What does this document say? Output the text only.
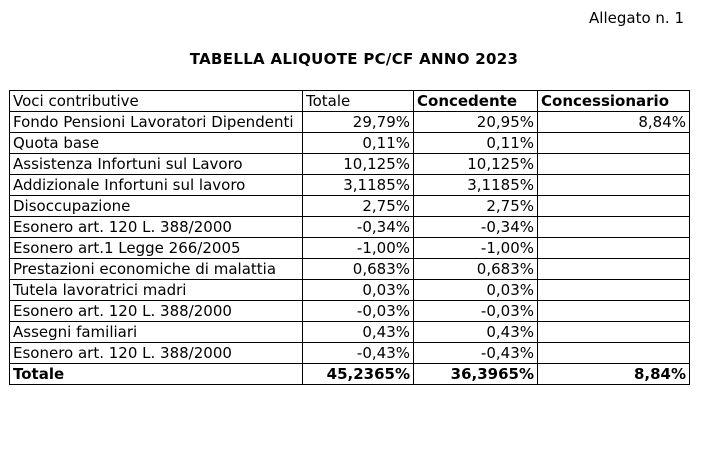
Allegato n. 1
TABELLA ALIQUOTE PC/CF ANNO 2023
Voci contributive	Totale	Concedente	Concessionario
Fondo Pensioni Lavoratori Dipendenti	29,79%	20,95%	8,84%
Quota base	0,11%	0,11%	
Assistenza Infortuni sul Lavoro	10,125%	10,125%	
Addizionale Infortuni sul lavoro	3,1185%	3,1185%	
Disoccupazione	2,75%	2,75%	
Esonero art. 120 L. 388/2000	-0,34%	-0,34%	
Esonero art.1 Legge 266/2005	-1,00%	-1,00%	
Prestazioni economiche di malattia	0,683%	0,683%	
Tutela lavoratrici madri	0,03%	0,03%	
Esonero art. 120 L. 388/2000	-0,03%	-0,03%	
Assegni familiari	0,43%	0,43%	
Esonero art. 120 L. 388/2000	-0,43%	-0,43%	
Totale	45,2365%	36,3965%	8,84%
